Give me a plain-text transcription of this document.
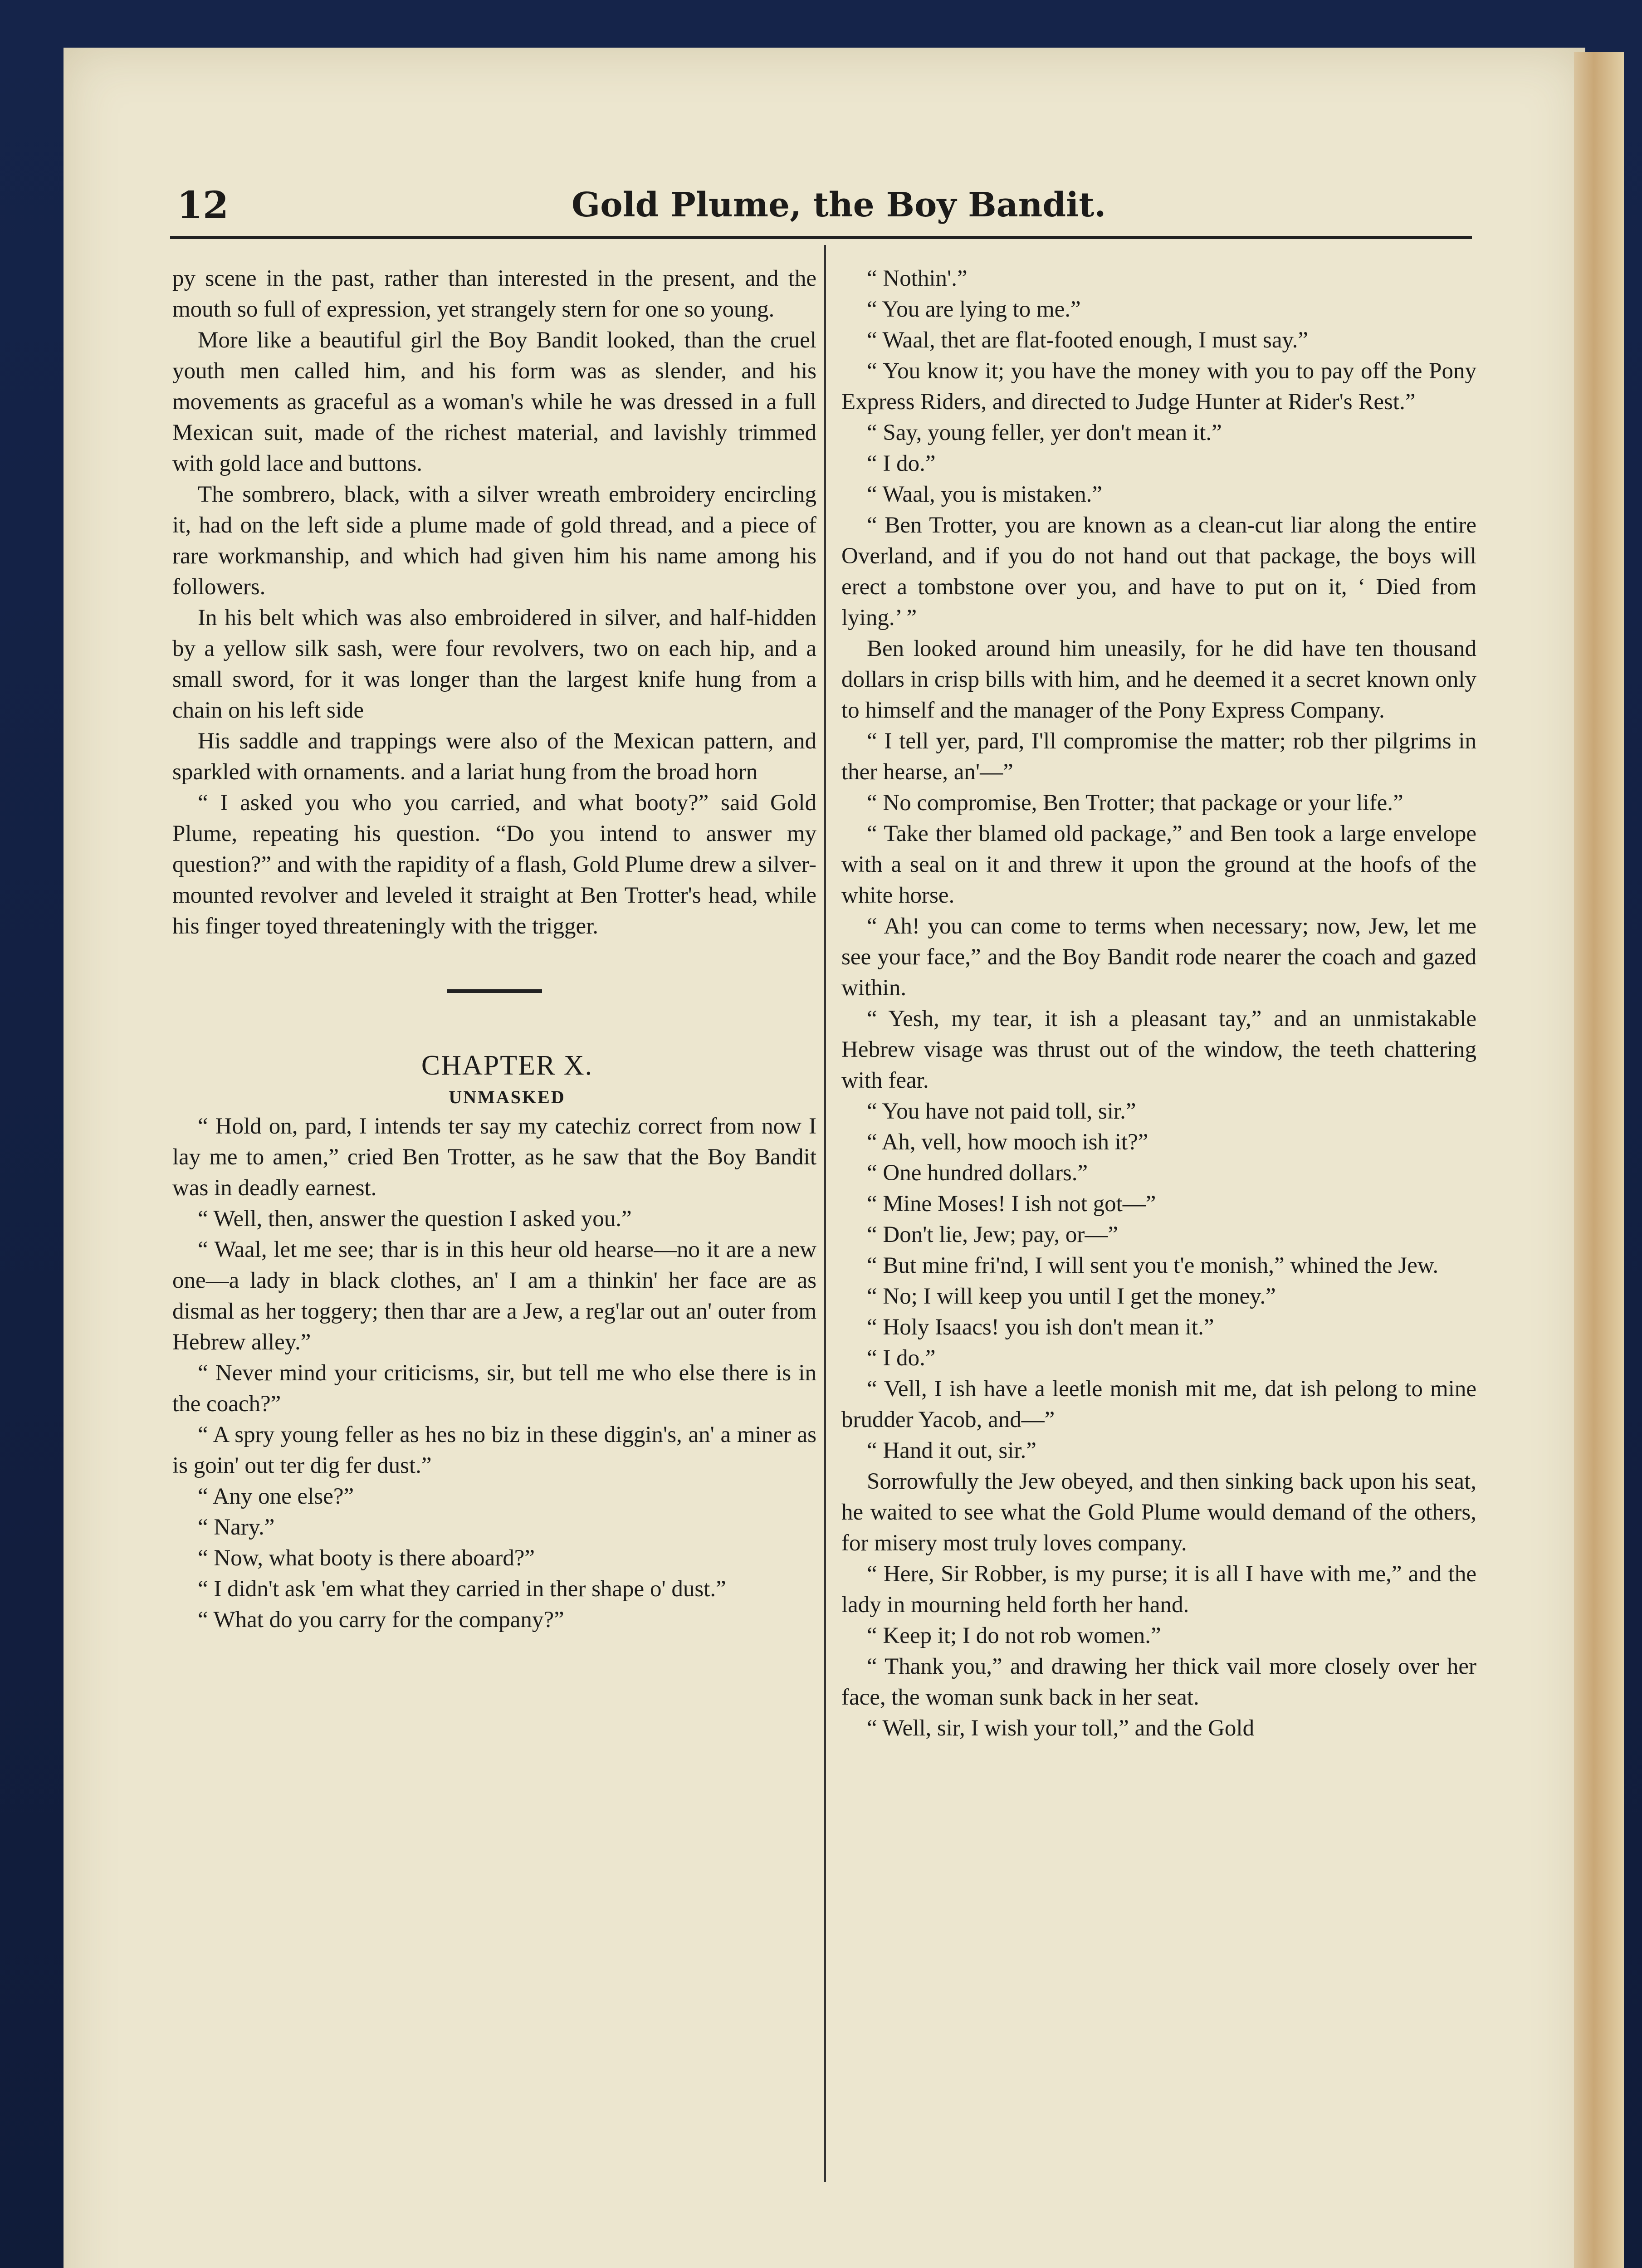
12	Gold Plume, the Boy Bandit.

py scene in the past, rather than interested in the present, and the mouth so full of expression, yet strangely stern for one so young.

More like a beautiful girl the Boy Bandit looked, than the cruel youth men called him, and his form was as slender, and his movements as graceful as a woman's while he was dressed in a full Mexican suit, made of the richest material, and lavishly trimmed with gold lace and buttons.

The sombrero, black, with a silver wreath embroidery encircling it, had on the left side a plume made of gold thread, and a piece of rare workmanship, and which had given him his name among his followers.

In his belt which was also embroidered in silver, and half-hidden by a yellow silk sash, were four revolvers, two on each hip, and a small sword, for it was longer than the largest knife hung from a chain on his left side

His saddle and trappings were also of the Mexican pattern, and sparkled with ornaments. and a lariat hung from the broad horn

“ I asked you who you carried, and what booty?” said Gold Plume, repeating his question. “Do you intend to answer my question?” and with the rapidity of a flash, Gold Plume drew a silver-mounted revolver and leveled it straight at Ben Trotter's head, while his finger toyed threateningly with the trigger.

CHAPTER X.

UNMASKED

“ Hold on, pard, I intends ter say my catechiz correct from now I lay me to amen,” cried Ben Trotter, as he saw that the Boy Bandit was in deadly earnest.

“ Well, then, answer the question I asked you.”

“ Waal, let me see; thar is in this heur old hearse—no it are a new one—a lady in black clothes, an' I am a thinkin' her face are as dismal as her toggery; then thar are a Jew, a reg'lar out an' outer from Hebrew alley.”

“ Never mind your criticisms, sir, but tell me who else there is in the coach?”

“ A spry young feller as hes no biz in these diggin's, an' a miner as is goin' out ter dig fer dust.”

“ Any one else?”

“ Nary.”

“ Now, what booty is there aboard?”

“ I didn't ask 'em what they carried in ther shape o' dust.”

“ What do you carry for the company?”

“ Nothin'.”

“ You are lying to me.”

“ Waal, thet are flat-footed enough, I must say.”

“ You know it; you have the money with you to pay off the Pony Express Riders, and directed to Judge Hunter at Rider's Rest.”

“ Say, young feller, yer don't mean it.”

“ I do.”

“ Waal, you is mistaken.”

“ Ben Trotter, you are known as a clean-cut liar along the entire Overland, and if you do not hand out that package, the boys will erect a tombstone over you, and have to put on it, ‘ Died from lying.’ ”

Ben looked around him uneasily, for he did have ten thousand dollars in crisp bills with him, and he deemed it a secret known only to himself and the manager of the Pony Express Company.

“ I tell yer, pard, I'll compromise the matter; rob ther pilgrims in ther hearse, an'—”

“ No compromise, Ben Trotter; that package or your life.”

“ Take ther blamed old package,” and Ben took a large envelope with a seal on it and threw it upon the ground at the hoofs of the white horse.

“ Ah! you can come to terms when necessary; now, Jew, let me see your face,” and the Boy Bandit rode nearer the coach and gazed within.

“ Yesh, my tear, it ish a pleasant tay,” and an unmistakable Hebrew visage was thrust out of the window, the teeth chattering with fear.

“ You have not paid toll, sir.”

“ Ah, vell, how mooch ish it?”

“ One hundred dollars.”

“ Mine Moses! I ish not got—”

“ Don't lie, Jew; pay, or—”

“ But mine fri'nd, I will sent you t'e monish,” whined the Jew.

“ No; I will keep you until I get the money.”

“ Holy Isaacs! you ish don't mean it.”

“ I do.”

“ Vell, I ish have a leetle monish mit me, dat ish pelong to mine brudder Yacob, and—”

“ Hand it out, sir.”

Sorrowfully the Jew obeyed, and then sinking back upon his seat, he waited to see what the Gold Plume would demand of the others, for misery most truly loves company.

“ Here, Sir Robber, is my purse; it is all I have with me,” and the lady in mourning held forth her hand.

“ Keep it; I do not rob women.”

“ Thank you,” and drawing her thick vail more closely over her face, the woman sunk back in her seat.

“ Well, sir, I wish your toll,” and the Gold
